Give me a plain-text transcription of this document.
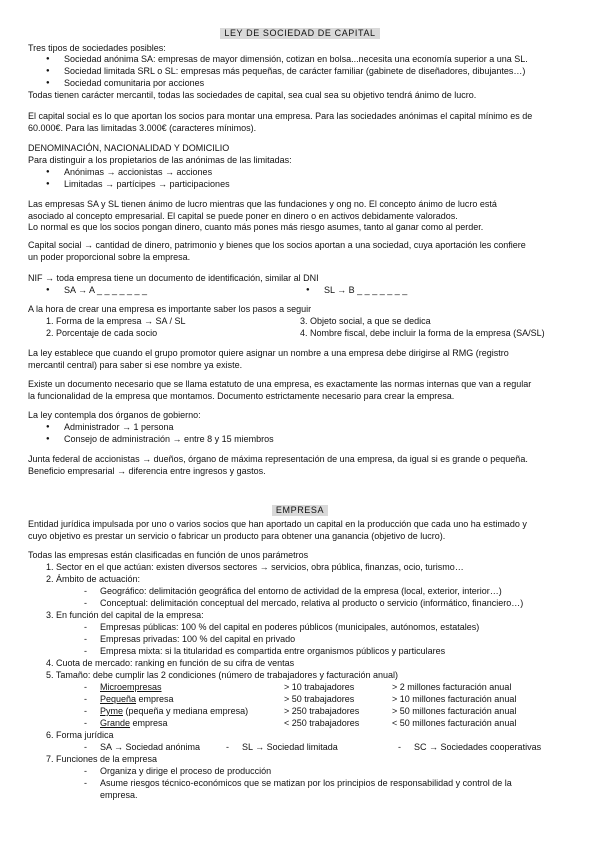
LEY DE SOCIEDAD DE CAPITAL
Tres tipos de sociedades posibles:
● Sociedad anónima SA: empresas de mayor dimensión, cotizan en bolsa...necesita una economía superior a una SL.
● Sociedad limitada SRL o SL: empresas más pequeñas, de carácter familiar (gabinete de diseñadores, dibujantes…)
● Sociedad comunitaria por acciones
Todas tienen carácter mercantil, todas las sociedades de capital, sea cual sea su objetivo tendrá ánimo de lucro.
El capital social es lo que aportan los socios para montar una empresa. Para las sociedades anónimas el capital mínimo es de
60.000€. Para las limitadas 3.000€ (caracteres mínimos).
DENOMINACIÓN, NACIONALIDAD Y DOMICILIO
Para distinguir a los propietarios de las anónimas de las limitadas:
● Anónimas → accionistas → acciones
● Limitadas → partícipes → participaciones
Las empresas SA y SL tienen ánimo de lucro mientras que las fundaciones y ong no. El concepto ánimo de lucro está
asociado al concepto empresarial. El capital se puede poner en dinero o en activos debidamente valorados.
Lo normal es que los socios pongan dinero, cuanto más pones más riesgo asumes, tanto al ganar como al perder.
Capital social → cantidad de dinero, patrimonio y bienes que los socios aportan a una sociedad, cuya aportación les confiere
un poder proporcional sobre la empresa.
NIF → toda empresa tiene un documento de identificación, similar al DNI
● SA → A _ _ _ _ _ _ _	● SL → B _ _ _ _ _ _ _
A la hora de crear una empresa es importante saber los pasos a seguir
1. Forma de la empresa → SA / SL
2. Porcentaje de cada socio
3. Objeto social, a que se dedica
4. Nombre fiscal, debe incluir la forma de la empresa (SA/SL)
La ley establece que cuando el grupo promotor quiere asignar un nombre a una empresa debe dirigirse al RMG (registro
mercantil central) para saber si ese nombre ya existe.
Existe un documento necesario que se llama estatuto de una empresa, es exactamente las normas internas que van a regular
la funcionalidad de la empresa que montamos. Documento estrictamente necesario para crear la empresa.
La ley contempla dos órganos de gobierno:
● Administrador → 1 persona
● Consejo de administración → entre 8 y 15 miembros
Junta federal de accionistas → dueños, órgano de máxima representación de una empresa, da igual si es grande o pequeña.
Beneficio empresarial → diferencia entre ingresos y gastos.
EMPRESA
Entidad jurídica impulsada por uno o varios socios que han aportado un capital en la producción que cada uno ha estimado y
cuyo objetivo es prestar un servicio o fabricar un producto para obtener una ganancia (objetivo de lucro).
Todas las empresas están clasificadas en función de unos parámetros
1. Sector en el que actúan: existen diversos sectores → servicios, obra pública, finanzas, ocio, turismo…
2. Ámbito de actuación:
- Geográfico: delimitación geográfica del entorno de actividad de la empresa (local, exterior, interior…)
- Conceptual: delimitación conceptual del mercado, relativa al producto o servicio (informático, financiero…)
3. En función del capital de la empresa:
- Empresas públicas: 100 % del capital en poderes públicos (municipales, autónomos, estatales)
- Empresas privadas: 100 % del capital en privado
- Empresa mixta: si la titularidad es compartida entre organismos públicos y particulares
4. Cuota de mercado: ranking en función de su cifra de ventas
5. Tamaño: debe cumplir las 2 condiciones (número de trabajadores y facturación anual)
- Microempresas	> 10 trabajadores	> 2 millones facturación anual
- Pequeña empresa	> 50 trabajadores	> 10 millones facturación anual
- Pyme (pequeña y mediana empresa)	> 250 trabajadores	> 50 millones facturación anual
- Grande empresa	< 250 trabajadores	< 50 millones facturación anual
6. Forma jurídica
- SA → Sociedad anónima	- SL → Sociedad limitada	- SC → Sociedades cooperativas
7. Funciones de la empresa
- Organiza y dirige el proceso de producción
- Asume riesgos técnico-económicos que se matizan por los principios de responsabilidad y control de la
empresa.
